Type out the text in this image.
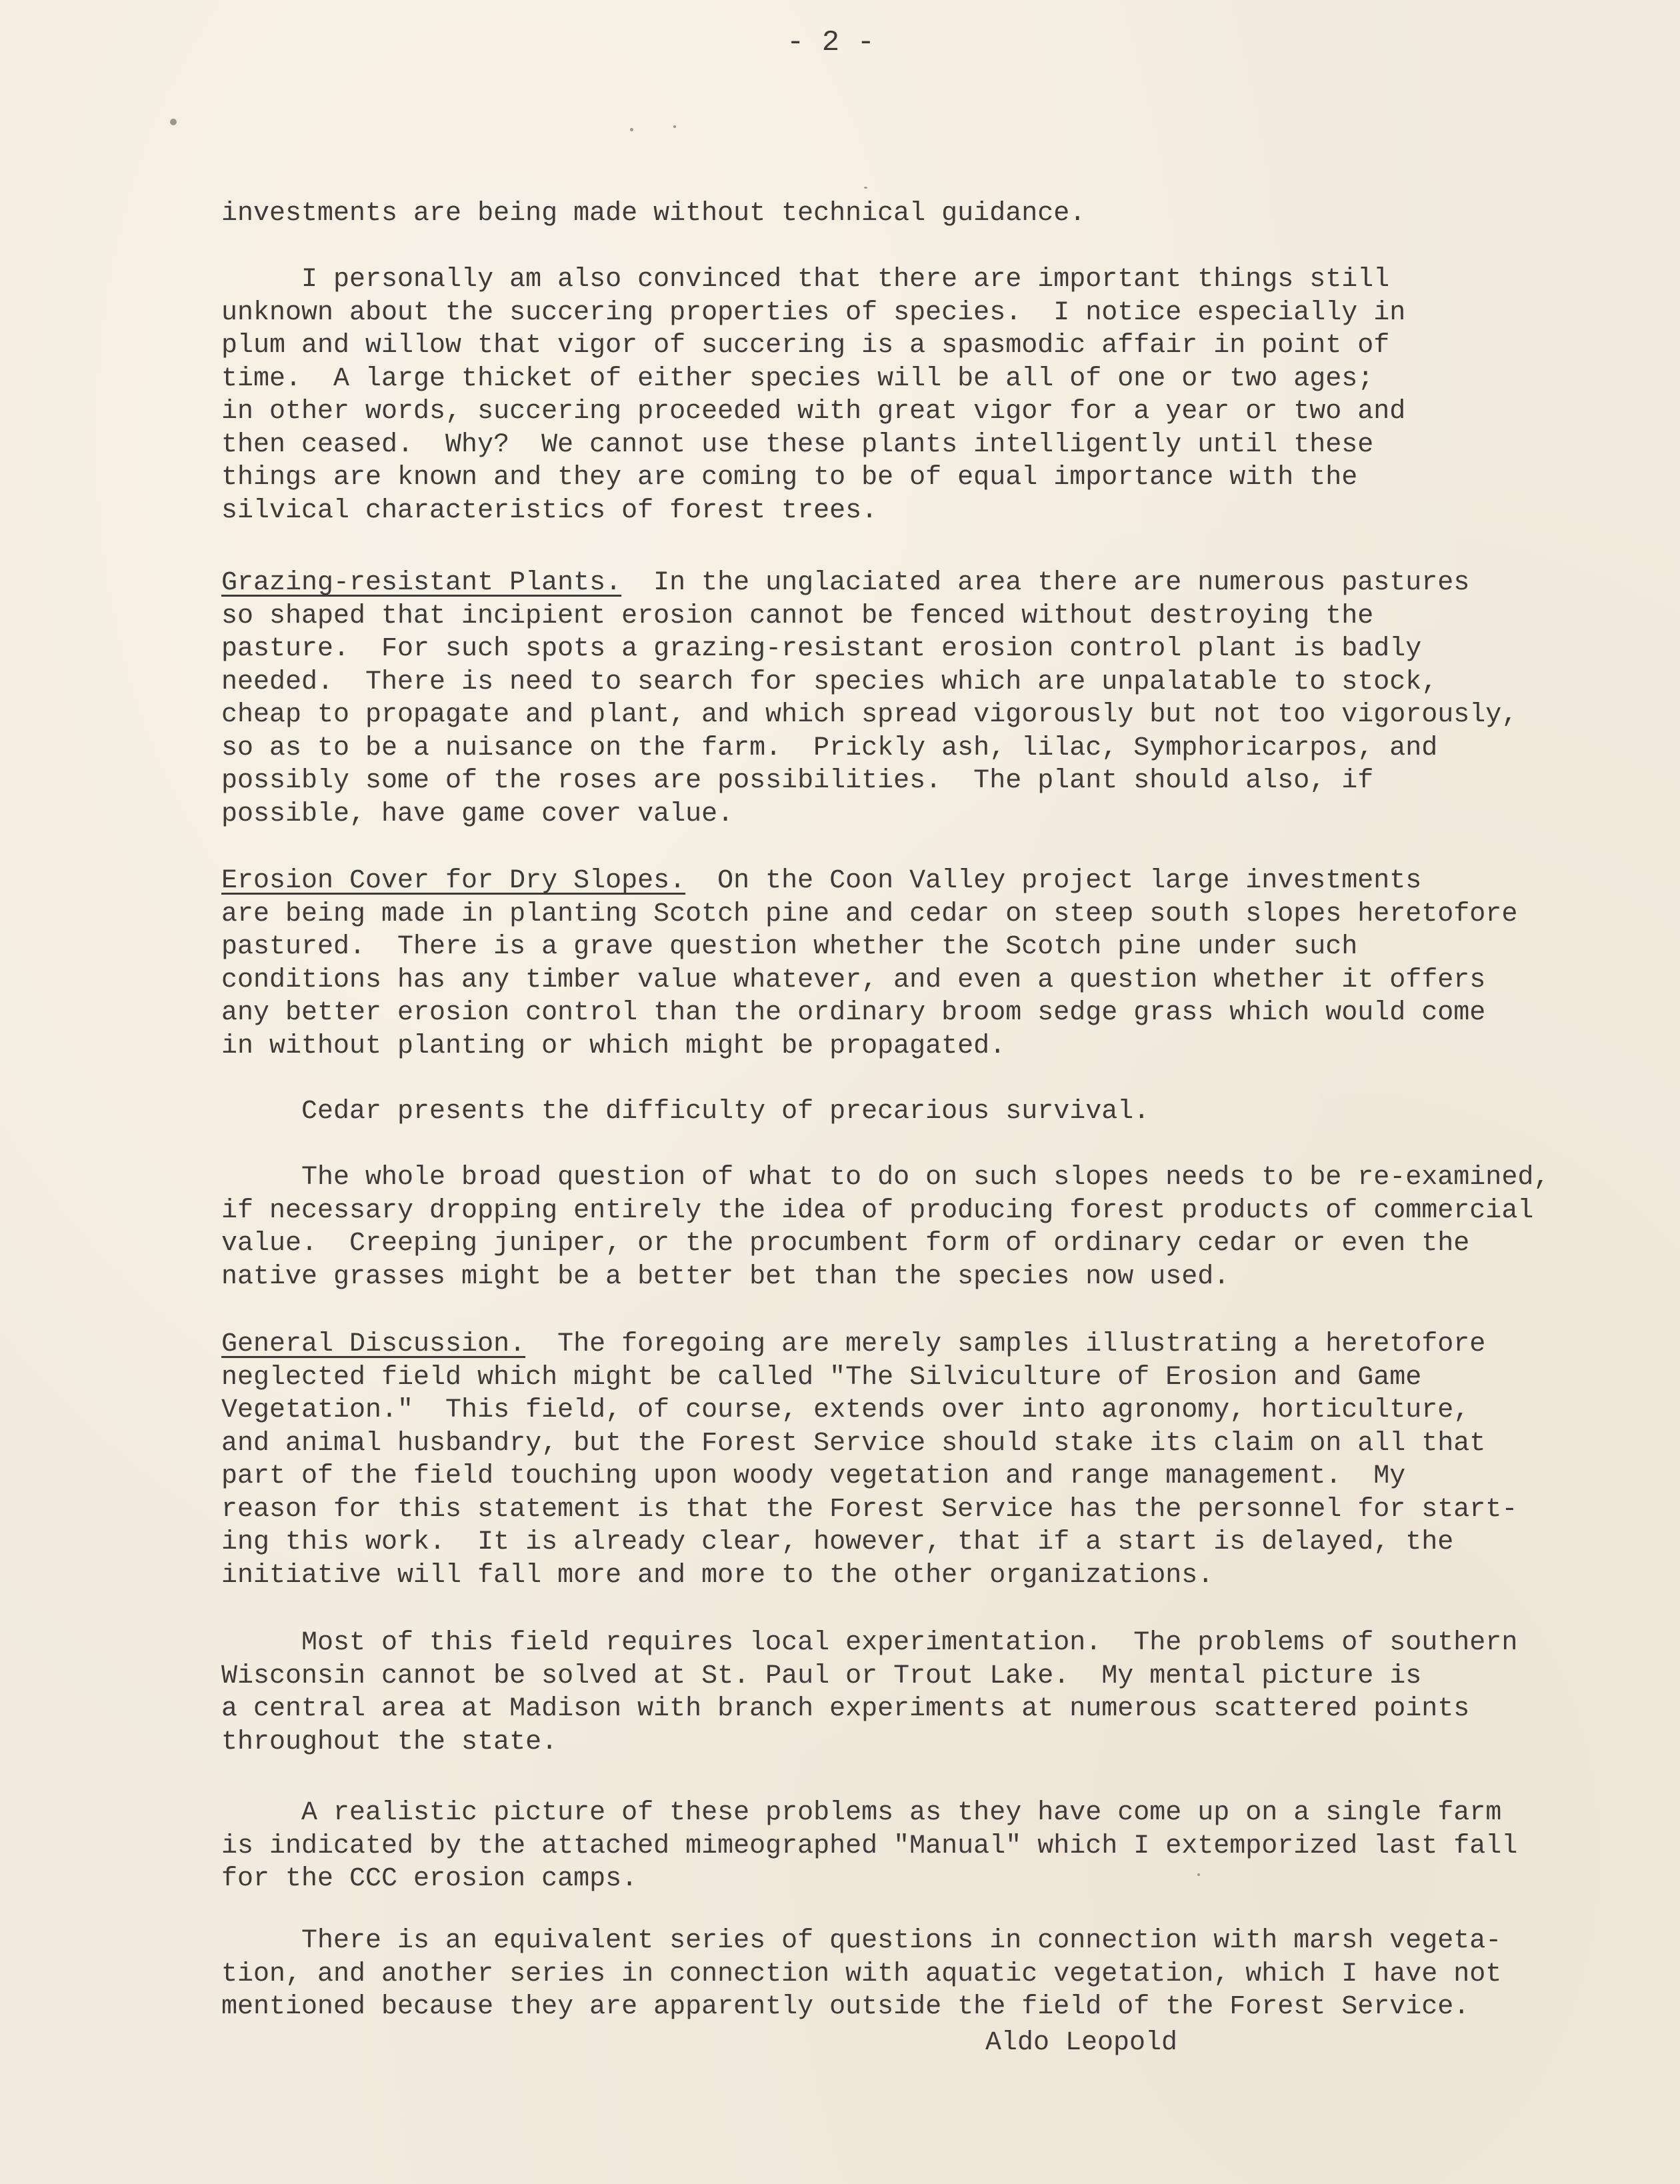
- 2 -

investments are being made without technical guidance.

I personally am also convinced that there are important things still

unknown about the succering properties of species.  I notice especially in

plum and willow that vigor of succering is a spasmodic affair in point of

time.  A large thicket of either species will be all of one or two ages;

in other words, succering proceeded with great vigor for a year or two and

then ceased.  Why?  We cannot use these plants intelligently until these

things are known and they are coming to be of equal importance with the

silvical characteristics of forest trees.

Grazing-resistant Plants.  In the unglaciated area there are numerous pastures

so shaped that incipient erosion cannot be fenced without destroying the

pasture.  For such spots a grazing-resistant erosion control plant is badly

needed.  There is need to search for species which are unpalatable to stock,

cheap to propagate and plant, and which spread vigorously but not too vigorously,

so as to be a nuisance on the farm.  Prickly ash, lilac, Symphoricarpos, and

possibly some of the roses are possibilities.  The plant should also, if

possible, have game cover value.

Erosion Cover for Dry Slopes.  On the Coon Valley project large investments

are being made in planting Scotch pine and cedar on steep south slopes heretofore

pastured.  There is a grave question whether the Scotch pine under such

conditions has any timber value whatever, and even a question whether it offers

any better erosion control than the ordinary broom sedge grass which would come

in without planting or which might be propagated.

Cedar presents the difficulty of precarious survival.

The whole broad question of what to do on such slopes needs to be re-examined,

if necessary dropping entirely the idea of producing forest products of commercial

value.  Creeping juniper, or the procumbent form of ordinary cedar or even the

native grasses might be a better bet than the species now used.

General Discussion.  The foregoing are merely samples illustrating a heretofore

neglected field which might be called "The Silviculture of Erosion and Game

Vegetation."  This field, of course, extends over into agronomy, horticulture,

and animal husbandry, but the Forest Service should stake its claim on all that

part of the field touching upon woody vegetation and range management.  My

reason for this statement is that the Forest Service has the personnel for start-

ing this work.  It is already clear, however, that if a start is delayed, the

initiative will fall more and more to the other organizations.

Most of this field requires local experimentation.  The problems of southern

Wisconsin cannot be solved at St. Paul or Trout Lake.  My mental picture is

a central area at Madison with branch experiments at numerous scattered points

throughout the state.

A realistic picture of these problems as they have come up on a single farm

is indicated by the attached mimeographed "Manual" which I extemporized last fall

for the CCC erosion camps.

There is an equivalent series of questions in connection with marsh vegeta-

tion, and another series in connection with aquatic vegetation, which I have not

mentioned because they are apparently outside the field of the Forest Service.

Aldo Leopold
